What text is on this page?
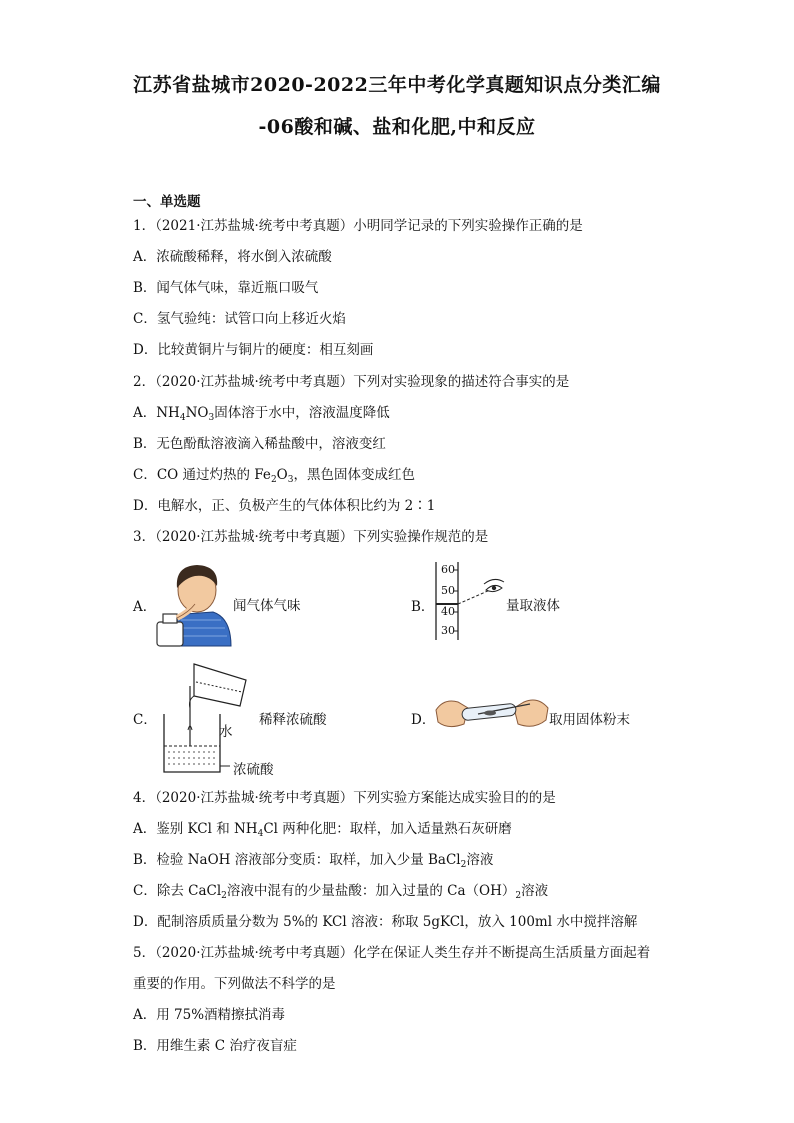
江苏省盐城市2020-2022三年中考化学真题知识点分类汇编
-06酸和碱、盐和化肥,中和反应
一、单选题
1．（2021·江苏盐城·统考中考真题）小明同学记录的下列实验操作正确的是
A．浓硫酸稀释，将水倒入浓硫酸
B．闻气体气味，靠近瓶口吸气
C．氢气验纯：试管口向上移近火焰
D．比较黄铜片与铜片的硬度：相互刻画
2．（2020·江苏盐城·统考中考真题）下列对实验现象的描述符合事实的是
A．$NH_4NO_3$固体溶于水中，溶液温度降低
B．无色酚酞溶液滴入稀盐酸中，溶液变红
C．CO 通过灼热的 $Fe_2O_3$，黑色固体变成红色
D．电解水，正、负极产生的气体体积比约为 2∶1
3．（2020·江苏盐城·统考中考真题）下列实验操作规范的是
A．	闻气体气味	B．
60
50
40
30
量取液体
C．
水
浓硫酸
稀释浓硫酸	D．	取用固体粉末
4．（2020·江苏盐城·统考中考真题）下列实验方案能达成实验目的的是
A．鉴别 KCl 和 $NH_4Cl$ 两种化肥：取样，加入适量熟石灰研磨
B．检验 NaOH 溶液部分变质：取样，加入少量 BaCl$_2$溶液
C．除去 CaCl$_2$溶液中混有的少量盐酸：加入过量的 $Ca(OH)_2$溶液
D．配制溶质质量分数为 5%的 KCl 溶液：称取 5gKCl，放入 100ml 水中搅拌溶解
5．（2020·江苏盐城·统考中考真题）化学在保证人类生存并不断提高生活质量方面起着
重要的作用。下列做法不科学的是
A．用 75%酒精擦拭消毒
B．用维生素 C 治疗夜盲症
